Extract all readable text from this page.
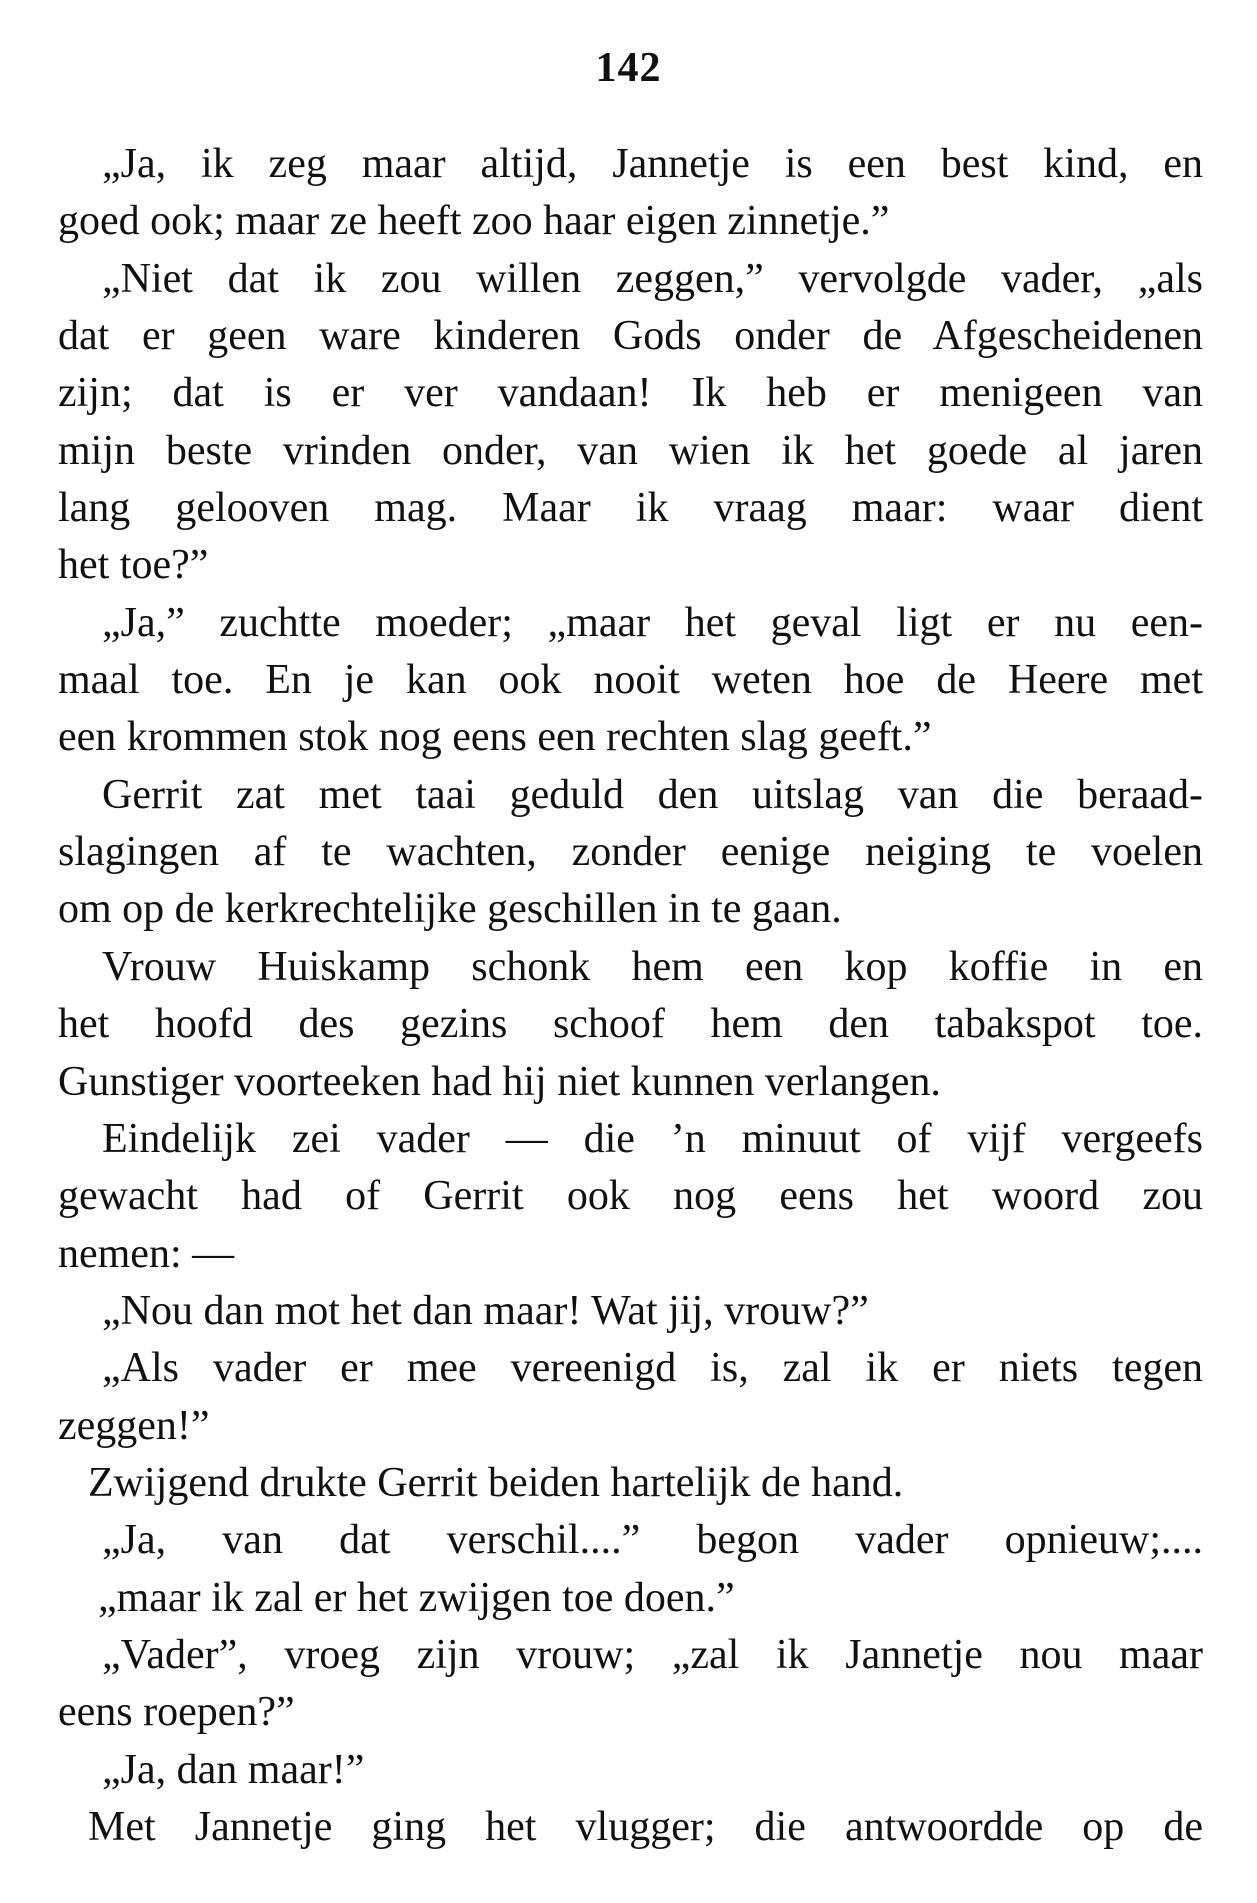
142
„Ja, ik zeg maar altijd, Jannetje is een best kind, en
goed ook; maar ze heeft zoo haar eigen zinnetje.”
„Niet dat ik zou willen zeggen,” vervolgde vader, „als
dat er geen ware kinderen Gods onder de Afgescheidenen
zijn; dat is er ver vandaan! Ik heb er menigeen van
mijn beste vrinden onder, van wien ik het goede al jaren
lang gelooven mag. Maar ik vraag maar: waar dient
het toe?”
„Ja,” zuchtte moeder; „maar het geval ligt er nu een-
maal toe. En je kan ook nooit weten hoe de Heere met
een krommen stok nog eens een rechten slag geeft.”
Gerrit zat met taai geduld den uitslag van die beraad-
slagingen af te wachten, zonder eenige neiging te voelen
om op de kerkrechtelijke geschillen in te gaan.
Vrouw Huiskamp schonk hem een kop koffie in en
het hoofd des gezins schoof hem den tabakspot toe.
Gunstiger voorteeken had hij niet kunnen verlangen.
Eindelijk zei vader — die ’n minuut of vijf vergeefs
gewacht had of Gerrit ook nog eens het woord zou
nemen: —
„Nou dan mot het dan maar! Wat jij, vrouw?”
„Als vader er mee vereenigd is, zal ik er niets tegen
zeggen!”
Zwijgend drukte Gerrit beiden hartelijk de hand.
„Ja, van dat verschil....” begon vader opnieuw;....
„maar ik zal er het zwijgen toe doen.”
„Vader”, vroeg zijn vrouw; „zal ik Jannetje nou maar
eens roepen?”
„Ja, dan maar!”
Met Jannetje ging het vlugger; die antwoordde op de
